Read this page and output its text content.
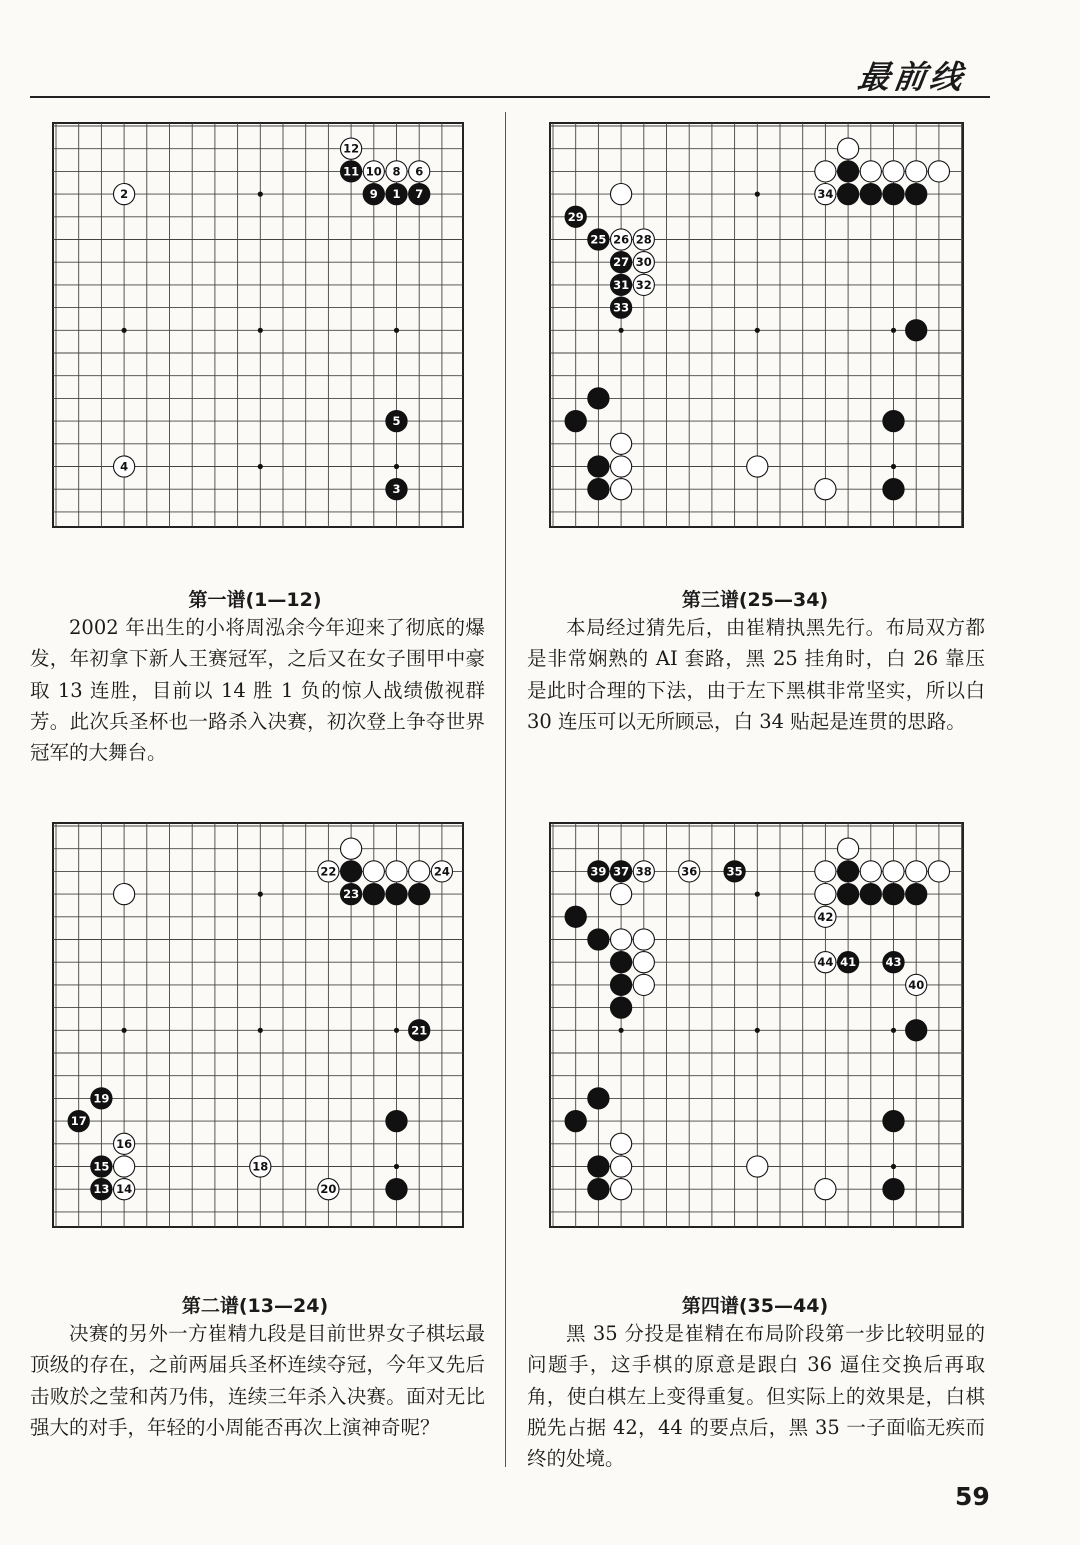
最前线
12
11 10 8 6
9 1 7
2
5
4
3
第一谱(1—12)

2002 年出生的小将周泓余今年迎来了彻底的爆发，年初拿下新人王赛冠军，之后又在女子围甲中豪取 13 连胜，目前以 14 胜 1 负的惊人战绩傲视群芳。此次兵圣杯也一路杀入决赛，初次登上争夺世界冠军的大舞台。

22	24
23
21
19
17
16
15	18
13 14	20
第二谱(13—24)

决赛的另外一方崔精九段是目前世界女子棋坛最顶级的存在，之前两届兵圣杯连续夺冠，今年又先后击败於之莹和芮乃伟，连续三年杀入决赛。面对无比强大的对手，年轻的小周能否再次上演神奇呢？

34
29
25 26 28
27 30
31 32
33
第三谱(25—34)

本局经过猜先后，由崔精执黑先行。布局双方都是非常娴熟的 AI 套路，黑 25 挂角时，白 26 靠压是此时合理的下法，由于左下黑棋非常坚实，所以白 30 连压可以无所顾忌，白 34 贴起是连贯的思路。

39 37 38	36	35
42
44 41	43
40
第四谱(35—44)

黑 35 分投是崔精在布局阶段第一步比较明显的问题手，这手棋的原意是跟白 36 逼住交换后再取角，使白棋左上变得重复。但实际上的效果是，白棋脱先占据 42，44 的要点后，黑 35 一子面临无疾而终的处境。

59
